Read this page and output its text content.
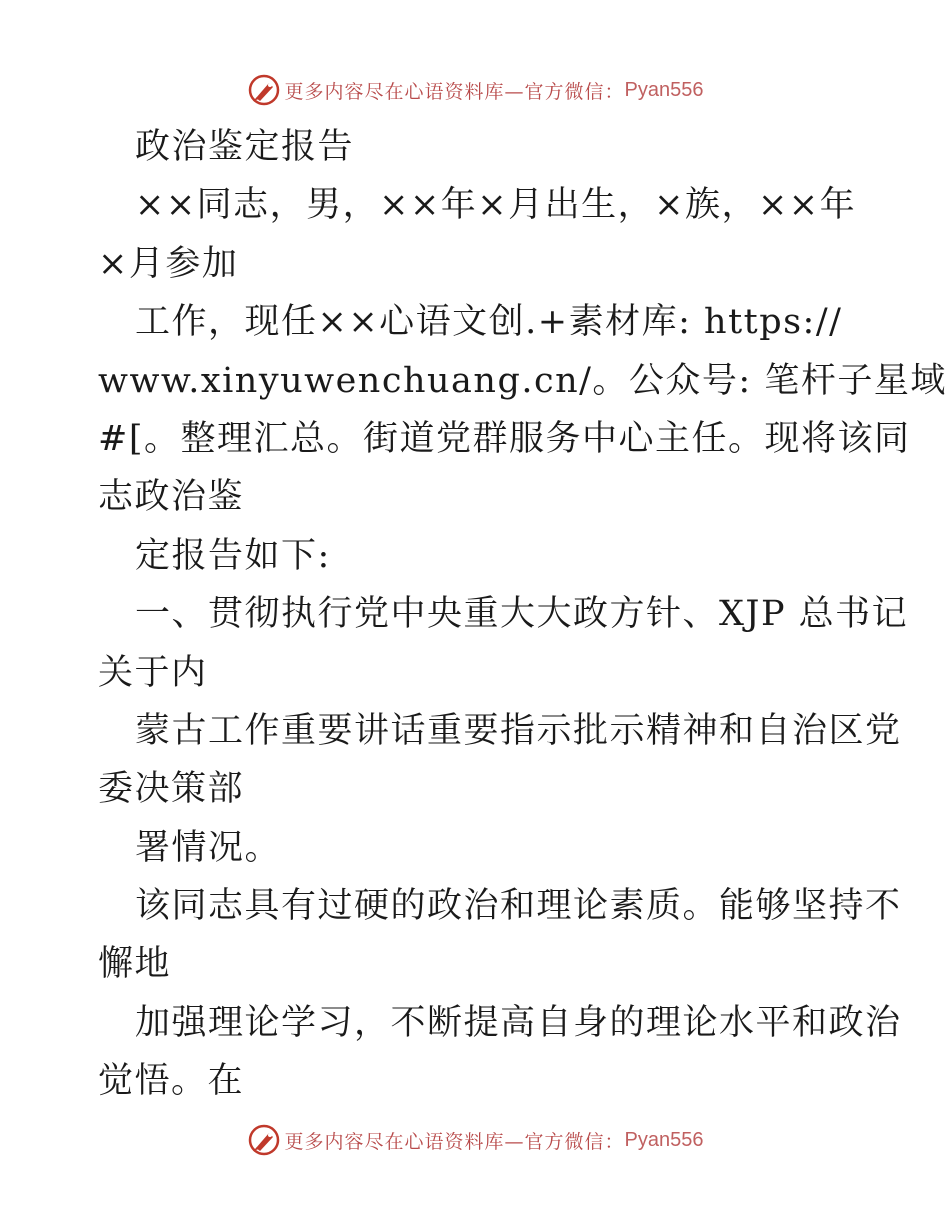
更多内容尽在心语资料库—官方微信： Pyan556
政治鉴定报告
××同志，男，××年×月出生，×族，××年
×月参加
工作，现任××心语文创.+素材库: https://
www.xinyuwenchuang.cn/。公众号: 笔杆子星域
#[。整理汇总。街道党群服务中心主任。现将该同
志政治鉴
定报告如下:
一、贯彻执行党中央重大大政方针、XJP 总书记
关于内
蒙古工作重要讲话重要指示批示精神和自治区党
委决策部
署情况。
该同志具有过硬的政治和理论素质。能够坚持不
懈地
加强理论学习，不断提高自身的理论水平和政治
觉悟。在
更多内容尽在心语资料库—官方微信： Pyan556
